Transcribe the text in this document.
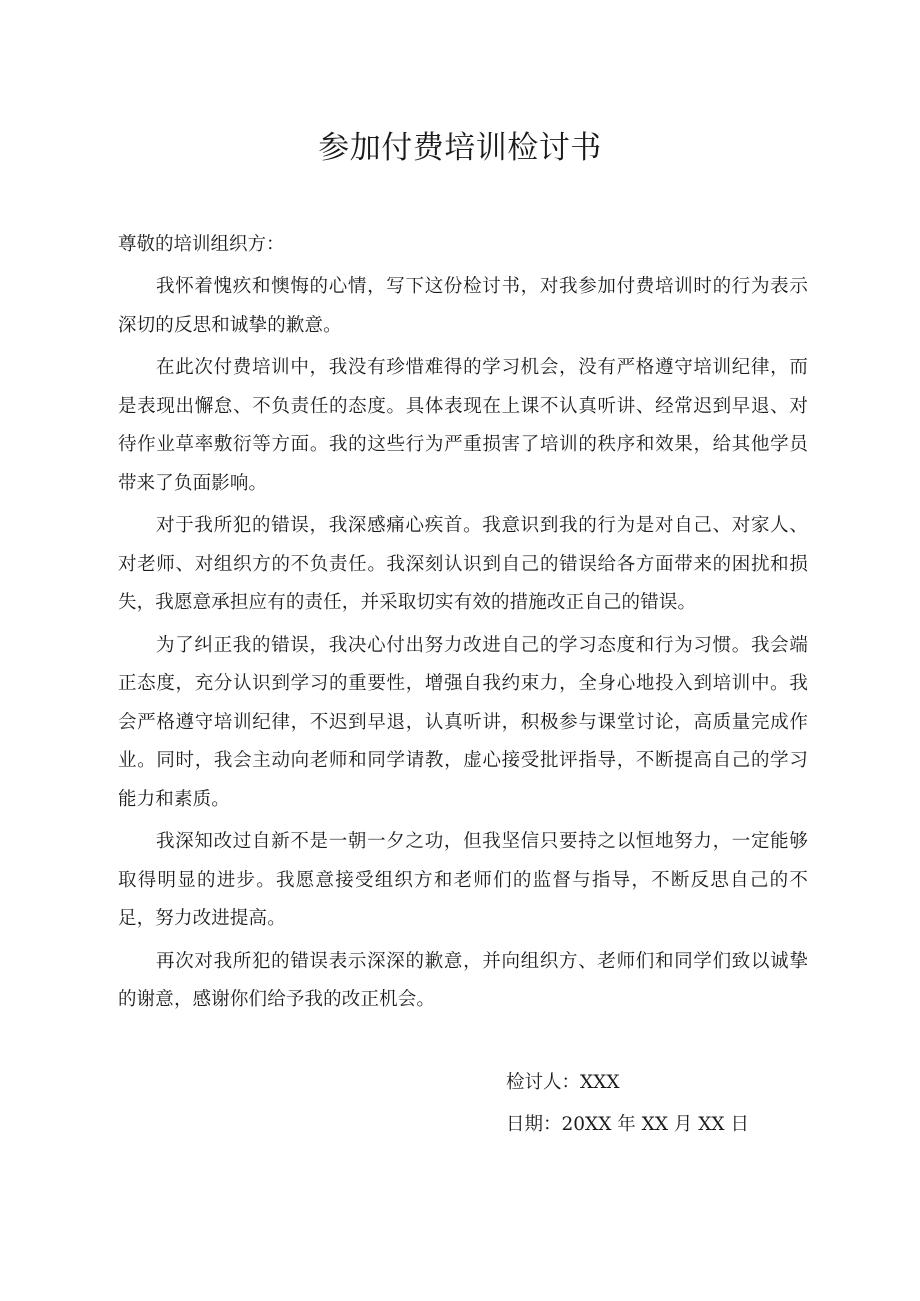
参加付费培训检讨书

尊敬的培训组织方：

我怀着愧疚和懊悔的心情，写下这份检讨书，对我参加付费培训时的行为表示深切的反思和诚挚的歉意。

在此次付费培训中，我没有珍惜难得的学习机会，没有严格遵守培训纪律，而是表现出懈怠、不负责任的态度。具体表现在上课不认真听讲、经常迟到早退、对待作业草率敷衍等方面。我的这些行为严重损害了培训的秩序和效果，给其他学员带来了负面影响。

对于我所犯的错误，我深感痛心疾首。我意识到我的行为是对自己、对家人、对老师、对组织方的不负责任。我深刻认识到自己的错误给各方面带来的困扰和损失，我愿意承担应有的责任，并采取切实有效的措施改正自己的错误。

为了纠正我的错误，我决心付出努力改进自己的学习态度和行为习惯。我会端正态度，充分认识到学习的重要性，增强自我约束力，全身心地投入到培训中。我会严格遵守培训纪律，不迟到早退，认真听讲，积极参与课堂讨论，高质量完成作业。同时，我会主动向老师和同学请教，虚心接受批评指导，不断提高自己的学习能力和素质。

我深知改过自新不是一朝一夕之功，但我坚信只要持之以恒地努力，一定能够取得明显的进步。我愿意接受组织方和老师们的监督与指导，不断反思自己的不足，努力改进提高。

再次对我所犯的错误表示深深的歉意，并向组织方、老师们和同学们致以诚挚的谢意，感谢你们给予我的改正机会。

检讨人：XXX

日期：20XX 年 XX 月 XX 日
